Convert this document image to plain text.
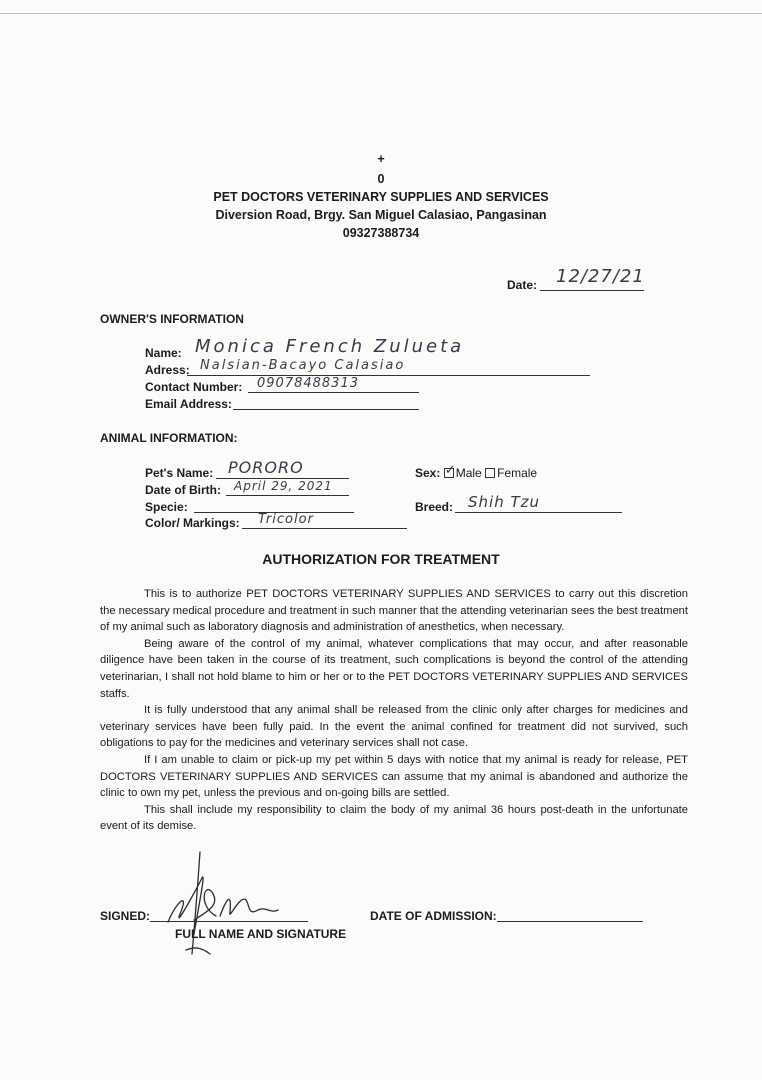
+
0
PET DOCTORS VETERINARY SUPPLIES AND SERVICES
Diversion Road, Brgy. San Miguel Calasiao, Pangasinan
09327388734
Date: 12/27/21
OWNER'S INFORMATION
Name: Monica French Zulueta
Adress: Nalsian-Bacayo Calasiao
Contact Number: 09078488313
Email Address:
ANIMAL INFORMATION:
Pet's Name: PORORO
Date of Birth: April 29, 2021
Specie:
Color/ Markings: Tricolor
Sex: ✓ Male Female
Breed: Shih Tzu
AUTHORIZATION FOR TREATMENT

This is to authorize PET DOCTORS VETERINARY SUPPLIES AND SERVICES to carry out this discretion the necessary medical procedure and treatment in such manner that the attending veterinarian sees the best treatment of my animal such as laboratory diagnosis and administration of anesthetics, when necessary.

Being aware of the control of my animal, whatever complications that may occur, and after reasonable diligence have been taken in the course of its treatment, such complications is beyond the control of the attending veterinarian, I shall not hold blame to him or her or to the PET DOCTORS VETERINARY SUPPLIES AND SERVICES staffs.

It is fully understood that any animal shall be released from the clinic only after charges for medicines and veterinary services have been fully paid. In the event the animal confined for treatment did not survived, such obligations to pay for the medicines and veterinary services shall not case.

If I am unable to claim or pick-up my pet within 5 days with notice that my animal is ready for release, PET DOCTORS VETERINARY SUPPLIES AND SERVICES can assume that my animal is abandoned and authorize the clinic to own my pet, unless the previous and on-going bills are settled.

This shall include my responsibility to claim the body of my animal 36 hours post-death in the unfortunate event of its demise.

SIGNED:
FULL NAME AND SIGNATURE
DATE OF ADMISSION:
